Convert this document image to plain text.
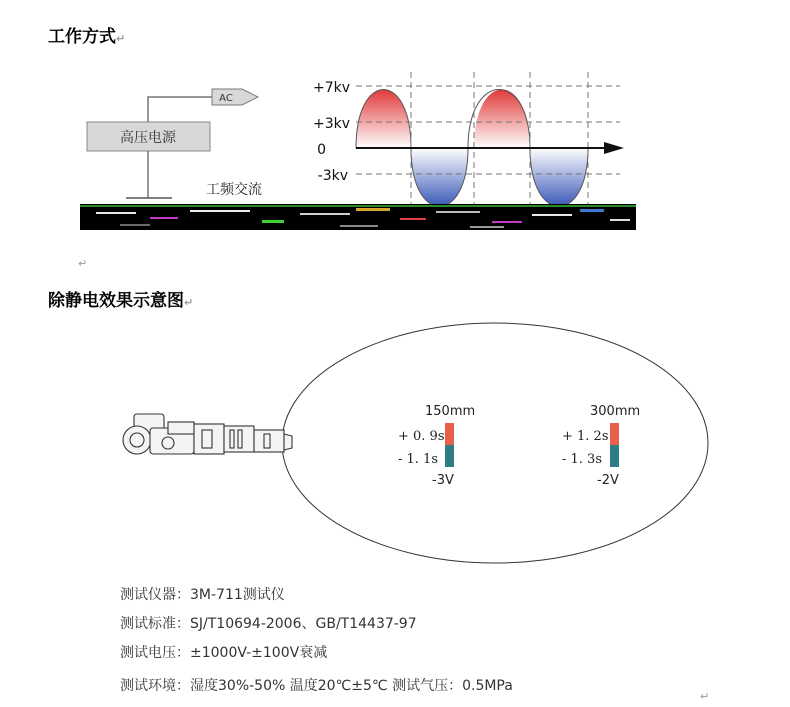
工作方式↵
高压电源
AC
+7kv
+3kv
0
-3kv
工频交流
↵
除静电效果示意图↵
150mm
+ 0. 9s
- 1. 1s
-3V
300mm
+ 1. 2s
- 1. 3s
-2V
测试仪器：3M-711测试仪
测试标准：SJ/T10694-2006、GB/T14437-97
测试电压：±1000V-±100V衰减
测试环境：湿度30%-50% 温度20℃±5℃ 测试气压：0.5MPa
↵
